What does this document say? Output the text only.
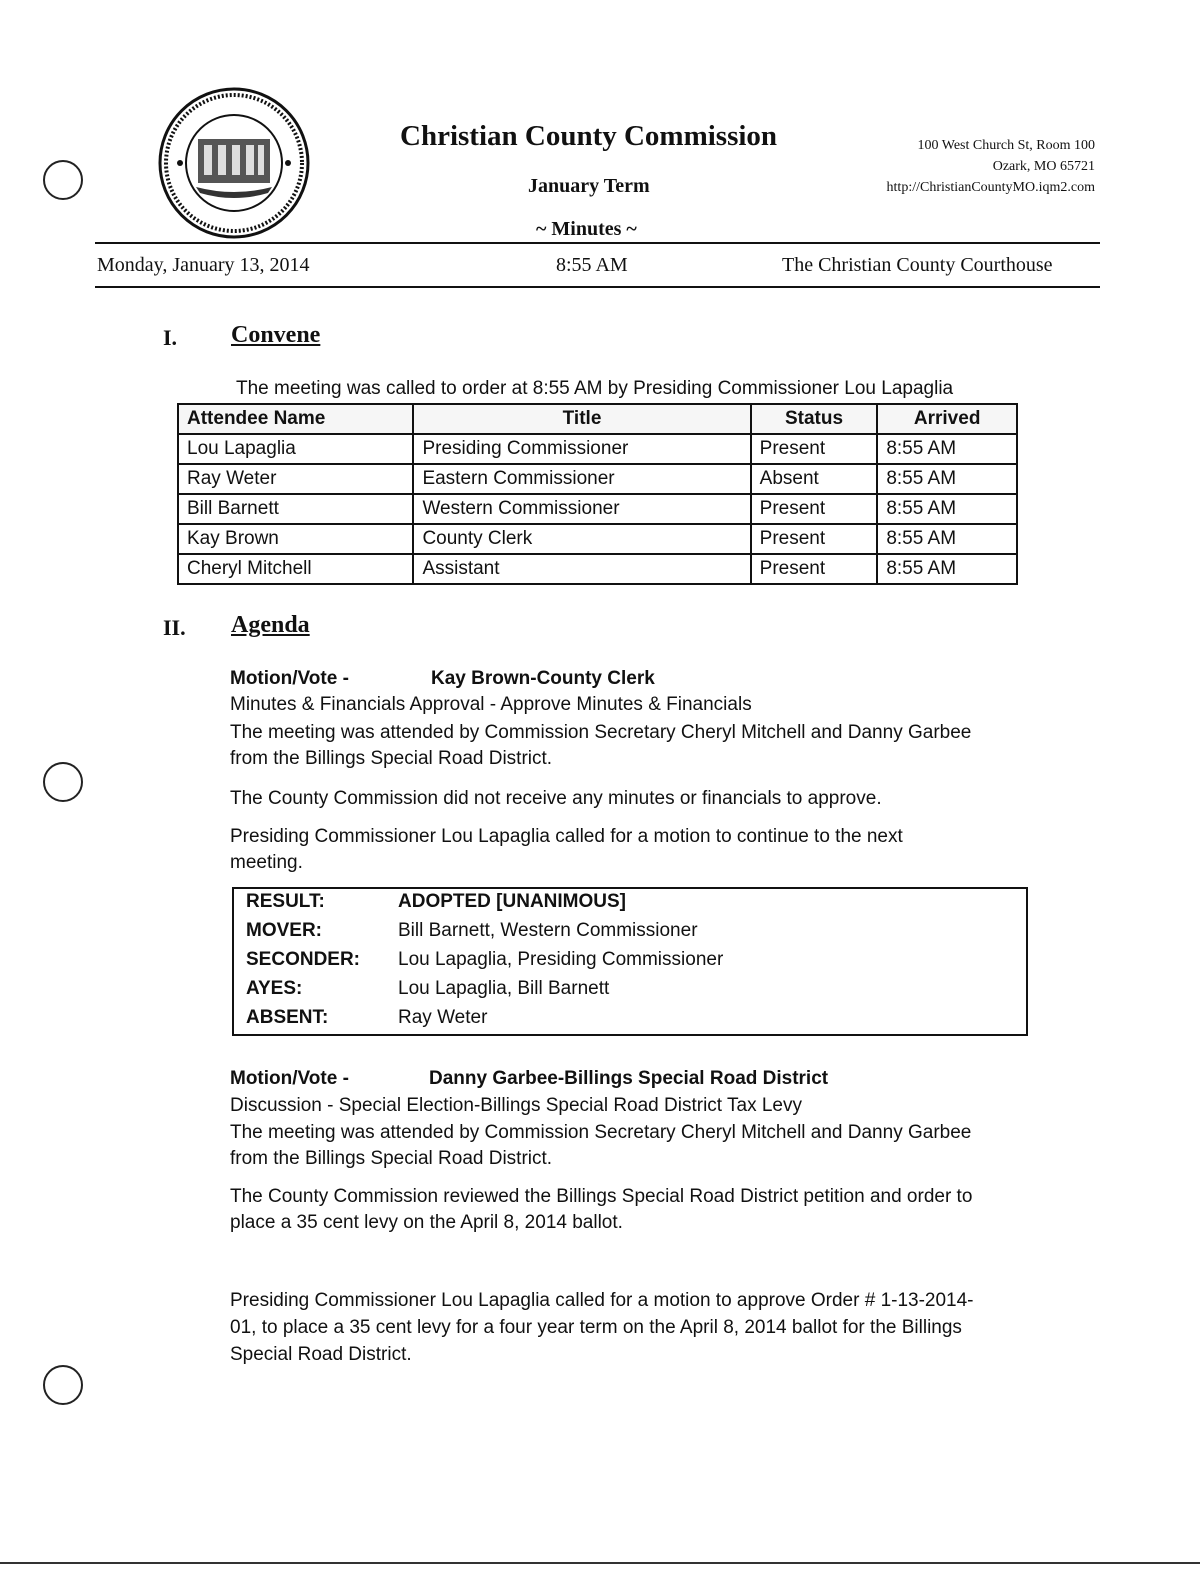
Christian County Commission
January Term
~ Minutes ~
100 West Church St, Room 100
Ozark, MO 65721
http://ChristianCountyMO.iqm2.com
Monday, January 13, 2014	8:55 AM	The Christian County Courthouse
I. Convene
The meeting was called to order at 8:55 AM by Presiding Commissioner Lou Lapaglia
Attendee Name	Title	Status	Arrived
Lou Lapaglia	Presiding Commissioner	Present	8:55 AM
Ray Weter	Eastern Commissioner	Absent	8:55 AM
Bill Barnett	Western Commissioner	Present	8:55 AM
Kay Brown	County Clerk	Present	8:55 AM
Cheryl Mitchell	Assistant	Present	8:55 AM
II. Agenda
Motion/Vote -	Kay Brown-County Clerk
Minutes & Financials Approval - Approve Minutes & Financials
The meeting was attended by Commission Secretary Cheryl Mitchell and Danny Garbee
from the Billings Special Road District.
The County Commission did not receive any minutes or financials to approve.
Presiding Commissioner Lou Lapaglia called for a motion to continue to the next
meeting.
RESULT:	ADOPTED [UNANIMOUS]
MOVER:	Bill Barnett, Western Commissioner
SECONDER: Lou Lapaglia, Presiding Commissioner
AYES:	Lou Lapaglia, Bill Barnett
ABSENT:	Ray Weter
Motion/Vote -	Danny Garbee-Billings Special Road District
Discussion - Special Election-Billings Special Road District Tax Levy
The meeting was attended by Commission Secretary Cheryl Mitchell and Danny Garbee
from the Billings Special Road District.
The County Commission reviewed the Billings Special Road District petition and order to
place a 35 cent levy on the April 8, 2014 ballot.
Presiding Commissioner Lou Lapaglia called for a motion to approve Order # 1-13-2014-
01, to place a 35 cent levy for a four year term on the April 8, 2014 ballot for the Billings
Special Road District.
